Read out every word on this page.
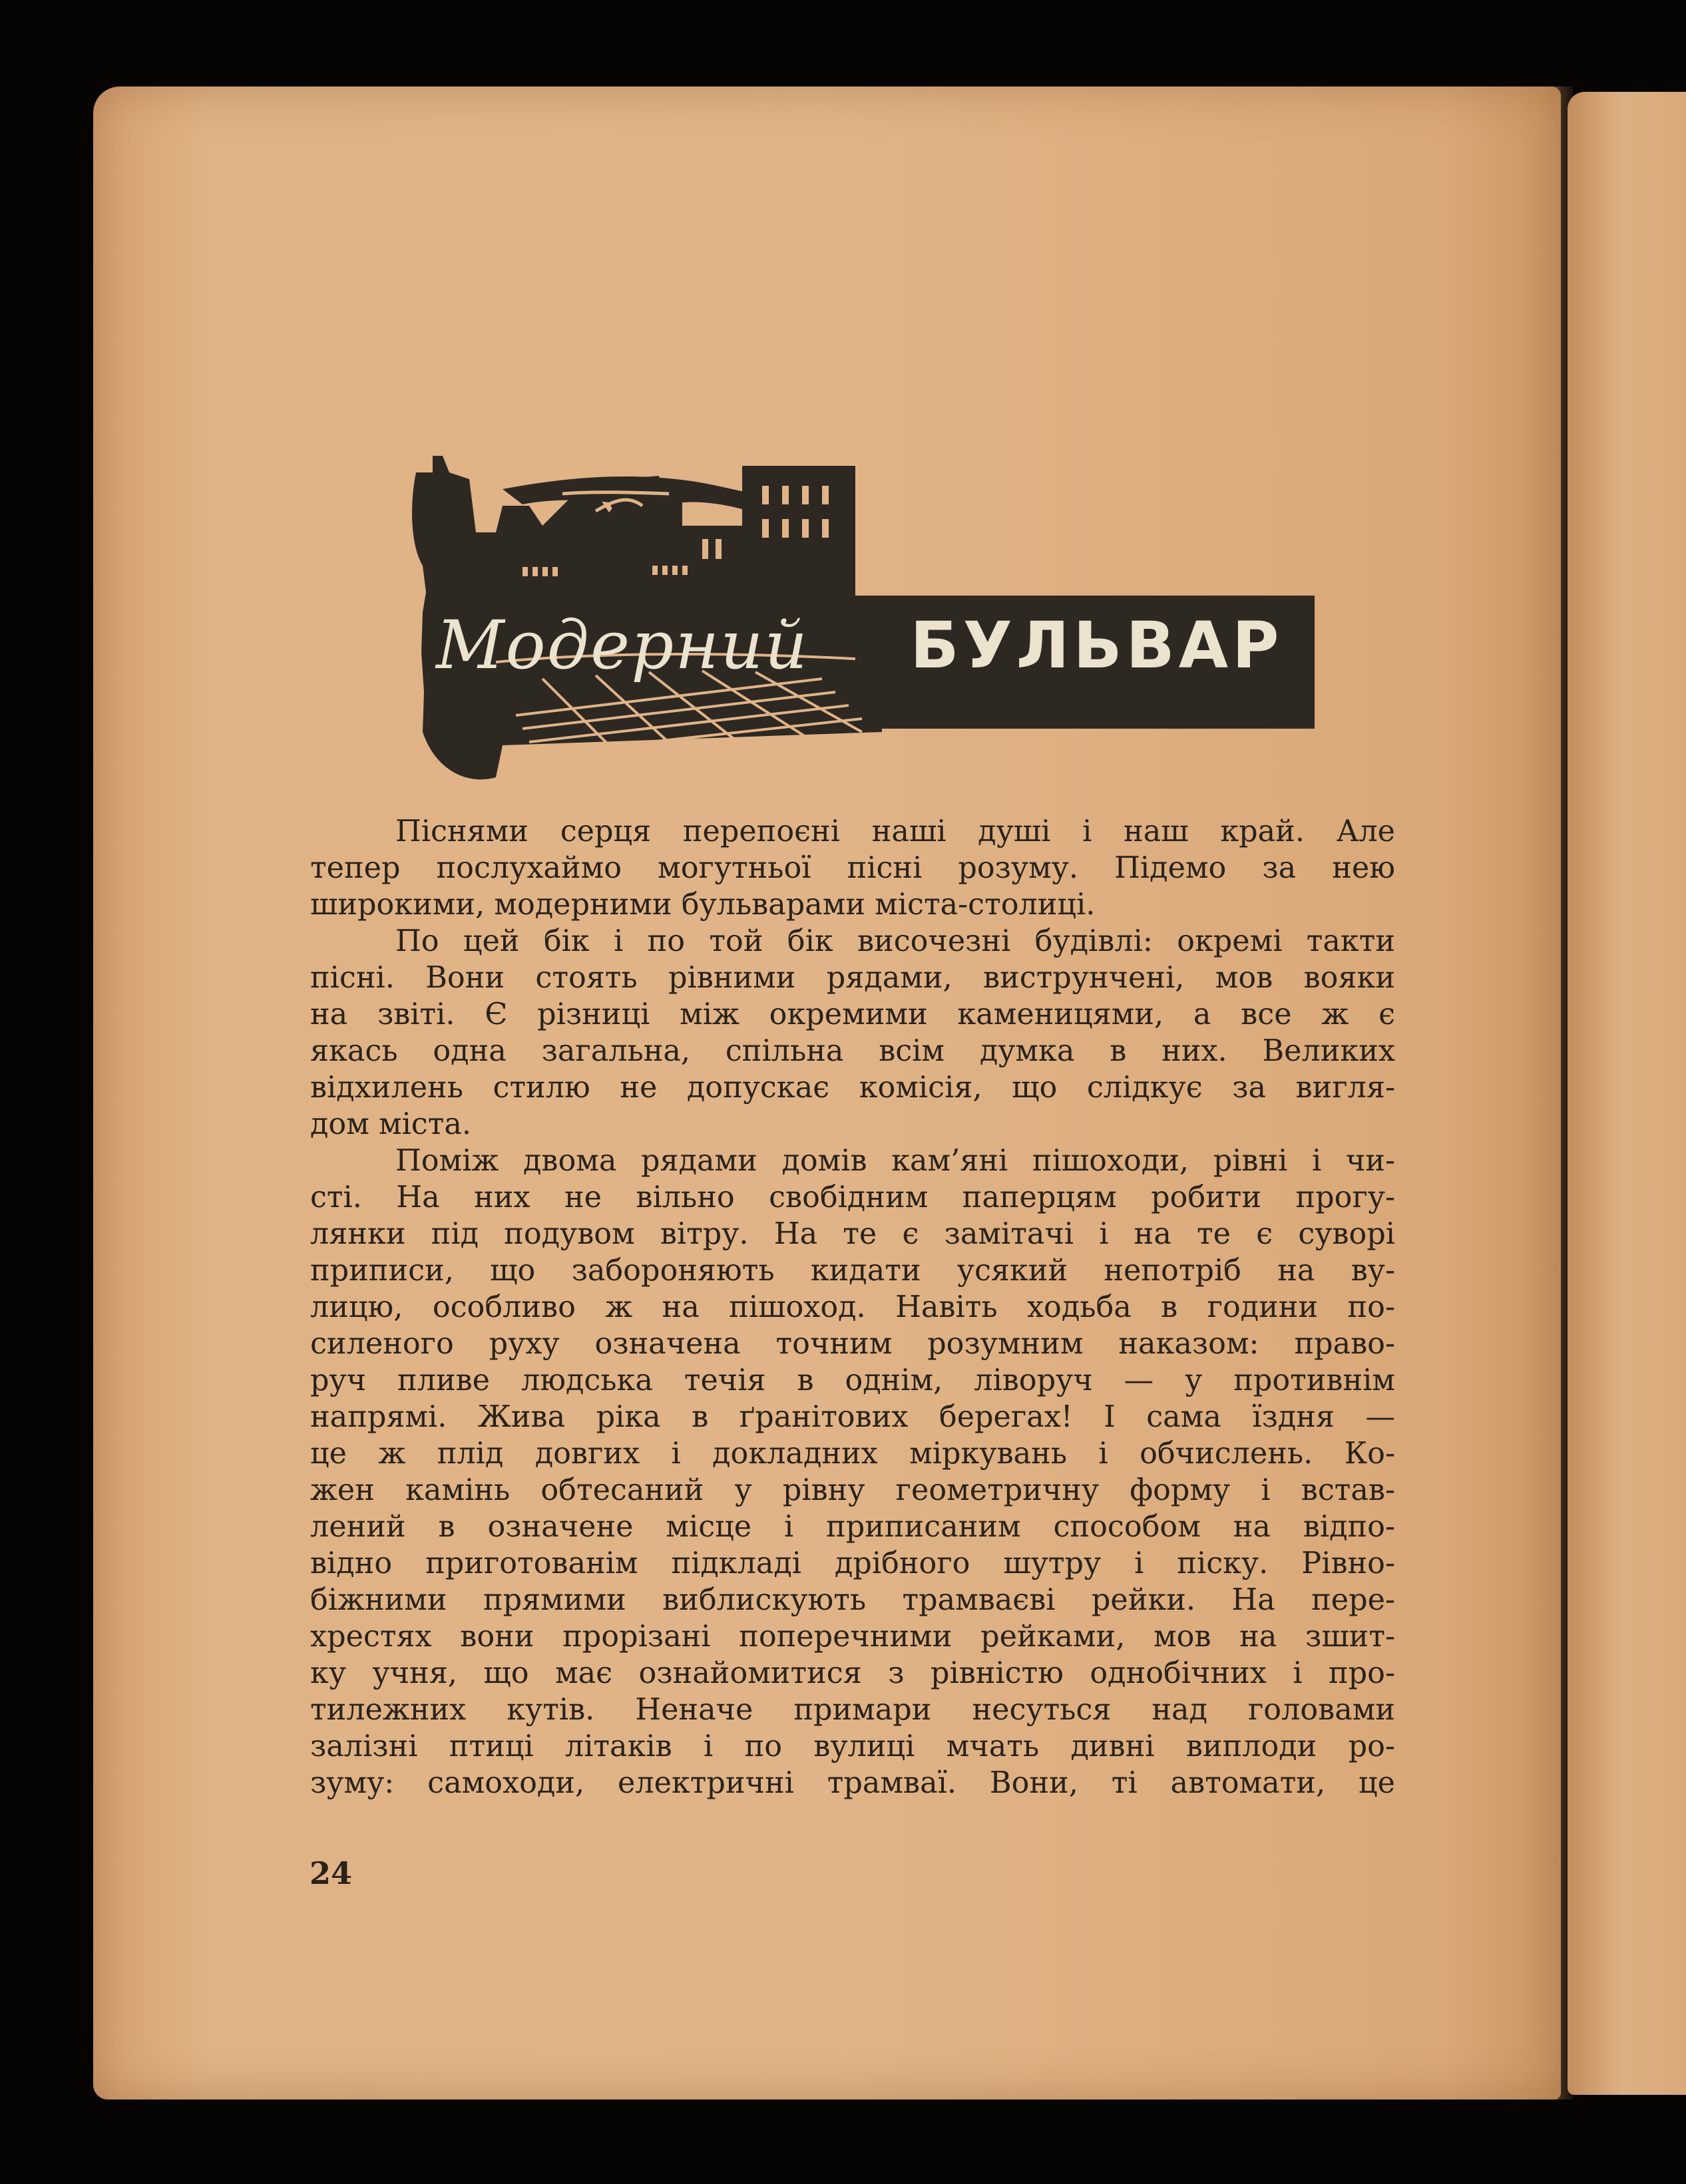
Модерний БУЛЬВАР
Піснями серця перепоєні наші душі і наш край. Але
тепер послухаймо могутньої пісні розуму. Підемо за нею
широкими, модерними бульварами міста-столиці.
По цей бік і по той бік височезні будівлі: окремі такти
пісні. Вони стоять рівними рядами, виструнчені, мов вояки
на звіті. Є різниці між окремими каменицями, а все ж є
якась одна загальна, спільна всім думка в них. Великих
відхилень стилю не допускає комісія, що слідкує за вигля-
дом міста.
Поміж двома рядами домів кам’яні пішоходи, рівні і чи-
сті. На них не вільно свобідним паперцям робити прогу-
лянки під подувом вітру. На те є замітачі і на те є суворі
приписи, що забороняють кидати усякий непотріб на ву-
лицю, особливо ж на пішоход. Навіть ходьба в години по-
силеного руху означена точним розумним наказом: право-
руч пливе людська течія в однім, ліворуч — у противнім
напрямі. Жива ріка в ґранітових берегах! І сама їздня —
це ж плід довгих і докладних міркувань і обчислень. Ко-
жен камінь обтесаний у рівну геометричну форму і встав-
лений в означене місце і приписаним способом на відпо-
відно приготованім підкладі дрібного шутру і піску. Рівно-
біжними прямими виблискують трамваєві рейки. На пере-
хрестях вони прорізані поперечними рейками, мов на зшит-
ку учня, що має ознайомитися з рівністю однобічних і про-
тилежних кутів. Неначе примари несуться над головами
залізні птиці літаків і по вулиці мчать дивні виплоди ро-
зуму: самоходи, електричні трамваї. Вони, ті автомати, це
24
